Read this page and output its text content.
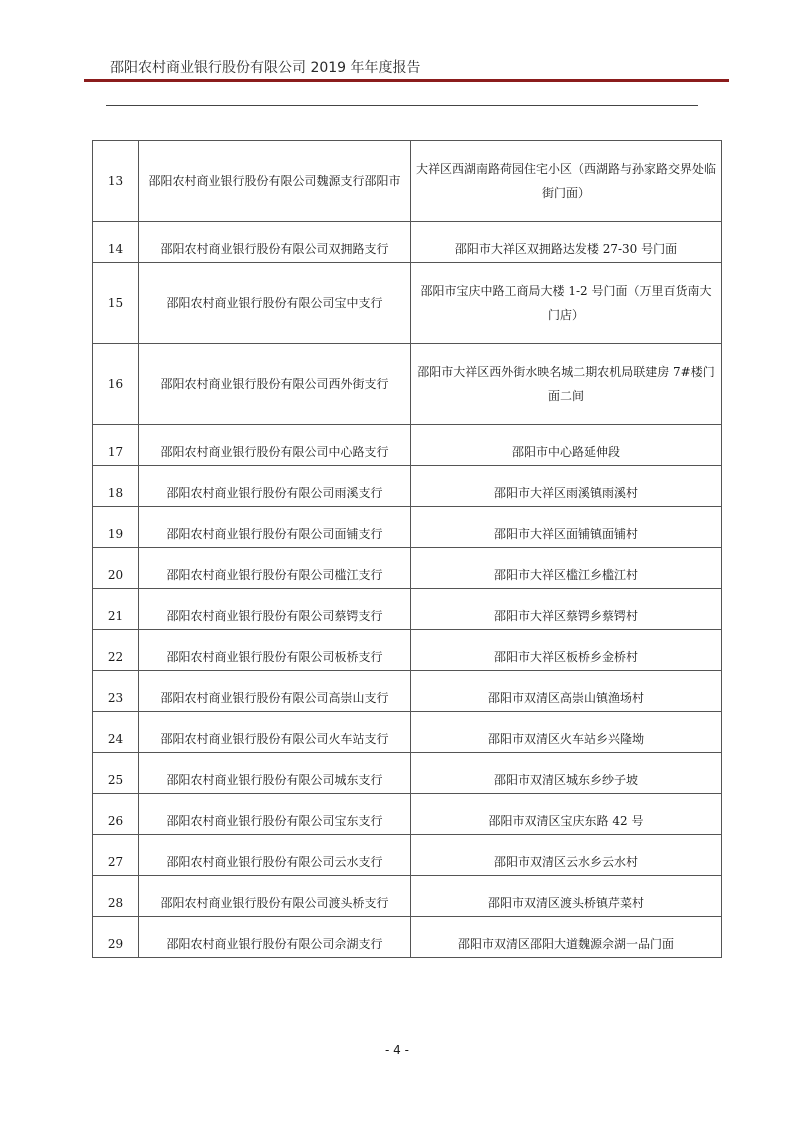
邵阳农村商业银行股份有限公司 2019 年年度报告
13	邵阳农村商业银行股份有限公司魏源支行邵阳市	大祥区西湖南路荷园住宅小区（西湖路与孙家路交界处临街门面）
14	邵阳农村商业银行股份有限公司双拥路支行	邵阳市大祥区双拥路达发楼 27-30 号门面
15	邵阳农村商业银行股份有限公司宝中支行	邵阳市宝庆中路工商局大楼 1-2 号门面（万里百货南大门店）
16	邵阳农村商业银行股份有限公司西外街支行	邵阳市大祥区西外街水映名城二期农机局联建房 7#楼门面二间
17	邵阳农村商业银行股份有限公司中心路支行	邵阳市中心路延伸段
18	邵阳农村商业银行股份有限公司雨溪支行	邵阳市大祥区雨溪镇雨溪村
19	邵阳农村商业银行股份有限公司面铺支行	邵阳市大祥区面铺镇面铺村
20	邵阳农村商业银行股份有限公司槛江支行	邵阳市大祥区槛江乡槛江村
21	邵阳农村商业银行股份有限公司蔡锷支行	邵阳市大祥区蔡锷乡蔡锷村
22	邵阳农村商业银行股份有限公司板桥支行	邵阳市大祥区板桥乡金桥村
23	邵阳农村商业银行股份有限公司高崇山支行	邵阳市双清区高崇山镇渔场村
24	邵阳农村商业银行股份有限公司火车站支行	邵阳市双清区火车站乡兴隆坳
25	邵阳农村商业银行股份有限公司城东支行	邵阳市双清区城东乡纱子坡
26	邵阳农村商业银行股份有限公司宝东支行	邵阳市双清区宝庆东路 42 号
27	邵阳农村商业银行股份有限公司云水支行	邵阳市双清区云水乡云水村
28	邵阳农村商业银行股份有限公司渡头桥支行	邵阳市双清区渡头桥镇芹菜村
29	邵阳农村商业银行股份有限公司佘湖支行	邵阳市双清区邵阳大道魏源佘湖一品门面
- 4 -
